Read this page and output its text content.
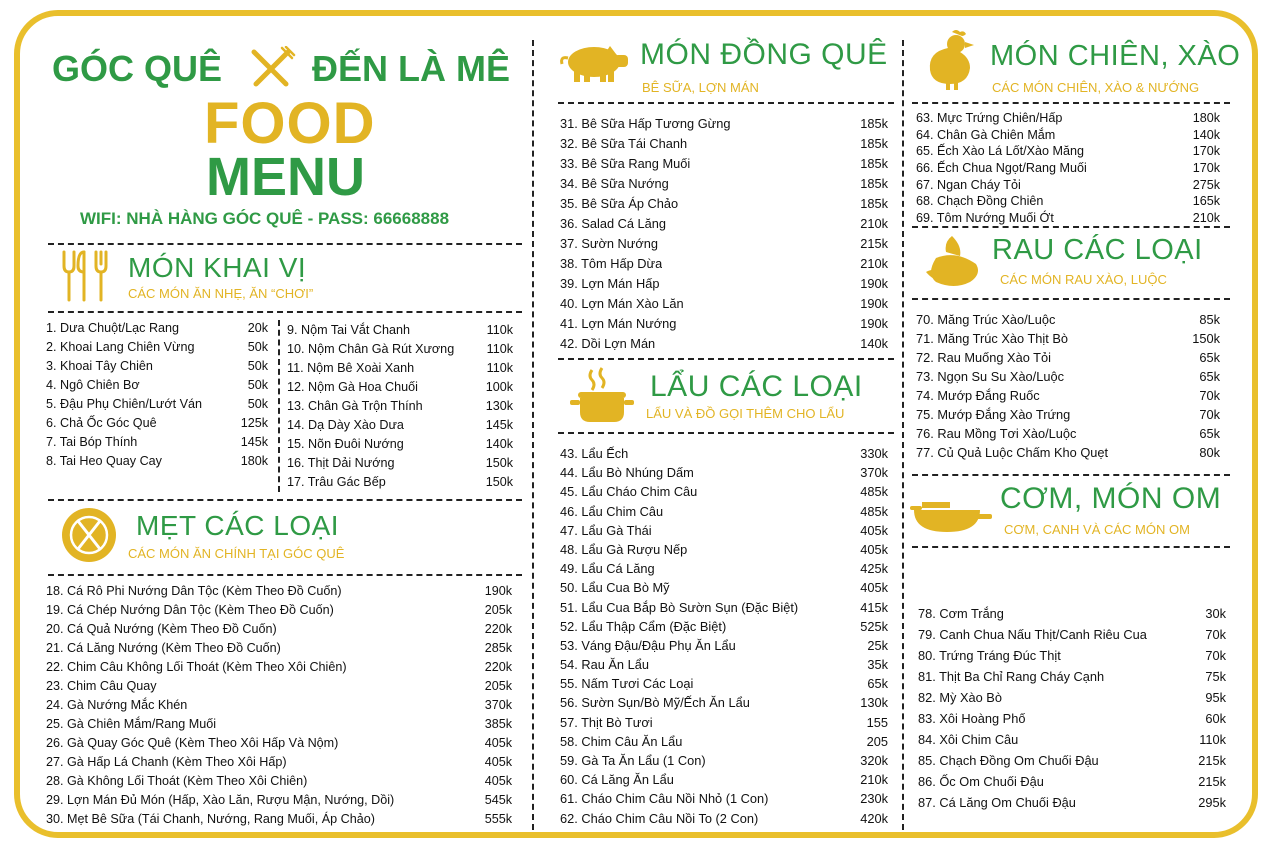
GÓC QUÊ ĐẾN LÀ MÊ
FOOD
MENU
WIFI: NHÀ HÀNG GÓC QUÊ - PASS: 66668888
MÓN KHAI VỊ
CÁC MÓN ĂN NHẸ, ĂN “CHƠI”
1. Dưa Chuột/Lạc Rang	20k
2. Khoai Lang Chiên Vừng	50k
3. Khoai Tây Chiên	50k
4. Ngô Chiên Bơ	50k
5. Đậu Phụ Chiên/Lướt Ván	50k
6. Chả Ốc Góc Quê	125k
7. Tai Bóp Thính	145k
8. Tai Heo Quay Cay	180k
9. Nộm Tai Vắt Chanh	110k
10. Nộm Chân Gà Rút Xương	110k
11. Nộm Bê Xoài Xanh	110k
12. Nộm Gà Hoa Chuối	100k
13. Chân Gà Trộn Thính	130k
14. Dạ Dày Xào Dưa	145k
15. Nõn Đuôi Nướng	140k
16. Thịt Dải Nướng	150k
17. Trâu Gác Bếp	150k
MẸT CÁC LOẠI
CÁC MÓN ĂN CHÍNH TẠI GÓC QUÊ
18. Cá Rô Phi Nướng Dân Tộc (Kèm Theo Đồ Cuốn)	190k
19. Cá Chép Nướng Dân Tộc (Kèm Theo Đồ Cuốn)	205k
20. Cá Quả Nướng (Kèm Theo Đồ Cuốn)	220k
21. Cá Lăng Nướng (Kèm Theo Đồ Cuốn)	285k
22. Chim Câu Không Lối Thoát (Kèm Theo Xôi Chiên)	220k
23. Chim Câu Quay	205k
24. Gà Nướng Mắc Khén	370k
25. Gà Chiên Mắm/Rang Muối	385k
26. Gà Quay Góc Quê (Kèm Theo Xôi Hấp Và Nộm)	405k
27. Gà Hấp Lá Chanh (Kèm Theo Xôi Hấp)	405k
28. Gà Không Lối Thoát (Kèm Theo Xôi Chiên)	405k
29. Lợn Mán Đủ Món (Hấp, Xào Lăn, Rượu Mận, Nướng, Dồi)	545k
30. Mẹt Bê Sữa (Tái Chanh, Nướng, Rang Muối, Áp Chảo)	555k
MÓN ĐỒNG QUÊ
BÊ SỮA, LỢN MÁN
31. Bê Sữa Hấp Tương Gừng	185k
32. Bê Sữa Tái Chanh	185k
33. Bê Sữa Rang Muối	185k
34. Bê Sữa Nướng	185k
35. Bê Sữa Áp Chảo	185k
36. Salad Cá Lăng	210k
37. Sườn Nướng	215k
38. Tôm Hấp Dừa	210k
39. Lợn Mán Hấp	190k
40. Lợn Mán Xào Lăn	190k
41. Lợn Mán Nướng	190k
42. Dồi Lợn Mán	140k
LẨU CÁC LOẠI
LẨU VÀ ĐỒ GỌI THÊM CHO LẨU
43. Lẩu Ếch	330k
44. Lẩu Bò Nhúng Dấm	370k
45. Lẩu Cháo Chim Câu	485k
46. Lẩu Chim Câu	485k
47. Lẩu Gà Thái	405k
48. Lẩu Gà Rượu Nếp	405k
49. Lẩu Cá Lăng	425k
50. Lẩu Cua Bò Mỹ	405k
51. Lẩu Cua Bắp Bò Sườn Sụn (Đặc Biệt)	415k
52. Lẩu Thập Cẩm (Đặc Biệt)	525k
53. Váng Đậu/Đậu Phụ Ăn Lẩu	25k
54. Rau Ăn Lẩu	35k
55. Nấm Tươi Các Loại	65k
56. Sườn Sụn/Bò Mỹ/Ếch Ăn Lẩu	130k
57. Thịt Bò Tươi	155
58. Chim Câu Ăn Lẩu	205
59. Gà Ta Ăn Lẩu (1 Con)	320k
60. Cá Lăng Ăn Lẩu	210k
61. Cháo Chim Câu Nồi Nhỏ (1 Con)	230k
62. Cháo Chim Câu Nồi To (2 Con)	420k
MÓN CHIÊN, XÀO
CÁC MÓN CHIÊN, XÀO & NƯỚNG
63. Mực Trứng Chiên/Hấp	180k
64. Chân Gà Chiên Mắm	140k
65. Ếch Xào Lá Lốt/Xào Măng	170k
66. Ếch Chua Ngọt/Rang Muối	170k
67. Ngan Cháy Tỏi	275k
68. Chạch Đồng Chiên	165k
69. Tôm Nướng Muối Ớt	210k
RAU CÁC LOẠI
CÁC MÓN RAU XÀO, LUỘC
70. Măng Trúc Xào/Luộc	85k
71. Măng Trúc Xào Thịt Bò	150k
72. Rau Muống Xào Tỏi	65k
73. Ngọn Su Su Xào/Luộc	65k
74. Mướp Đắng Ruốc	70k
75. Mướp Đắng Xào Trứng	70k
76. Rau Mồng Tơi Xào/Luộc	65k
77. Củ Quả Luộc Chấm Kho Quẹt	80k
CƠM, MÓN OM
CƠM, CANH VÀ CÁC MÓN OM
78. Cơm Trắng	30k
79. Canh Chua Nấu Thịt/Canh Riêu Cua	70k
80. Trứng Tráng Đúc Thịt	70k
81. Thịt Ba Chỉ Rang Cháy Cạnh	75k
82. Mỳ Xào Bò	95k
83. Xôi Hoàng Phố	60k
84. Xôi Chim Câu	110k
85. Chạch Đồng Om Chuối Đậu	215k
86. Ốc Om Chuối Đậu	215k
87. Cá Lăng Om Chuối Đậu	295k
